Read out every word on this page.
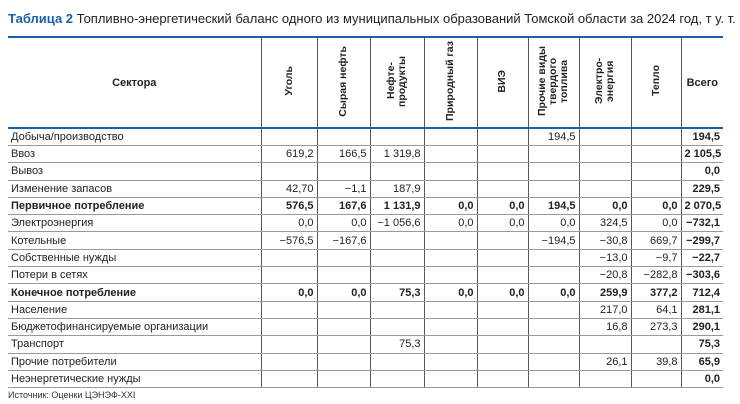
Таблица 2 Топливно-энергетический баланс одного из муниципальных образований Томской области за 2024 год, т у. т.
Сектора	Уголь	Сырая нефть	Нефте-продукты	Природный газ	ВИЭ	Прочие виды твердого топлива	Электро-энергия	Тепло	Всего
Добыча/производство						194,5			194,5
Ввоз	619,2	166,5	1 319,8						2 105,5
Вывоз									0,0
Изменение запасов	42,70	−1,1	187,9						229,5
Первичное потребление	576,5	167,6	1 131,9	0,0	0,0	194,5	0,0	0,0	2 070,5
Электроэнергия	0,0	0,0	−1 056,6	0,0	0,0	0,0	324,5	0,0	−732,1
Котельные	−576,5	−167,6				−194,5	−30,8	669,7	−299,7
Собственные нужды							−13,0	−9,7	−22,7
Потери в сетях							−20,8	−282,8	−303,6
Конечное потребление	0,0	0,0	75,3	0,0	0,0	0,0	259,9	377,2	712,4
Население							217,0	64,1	281,1
Бюджетофинансируемые организации							16,8	273,3	290,1
Транспорт			75,3						75,3
Прочие потребители							26,1	39,8	65,9
Неэнергетические нужды									0,0
Источник: Оценки ЦЭНЭФ-XXI
